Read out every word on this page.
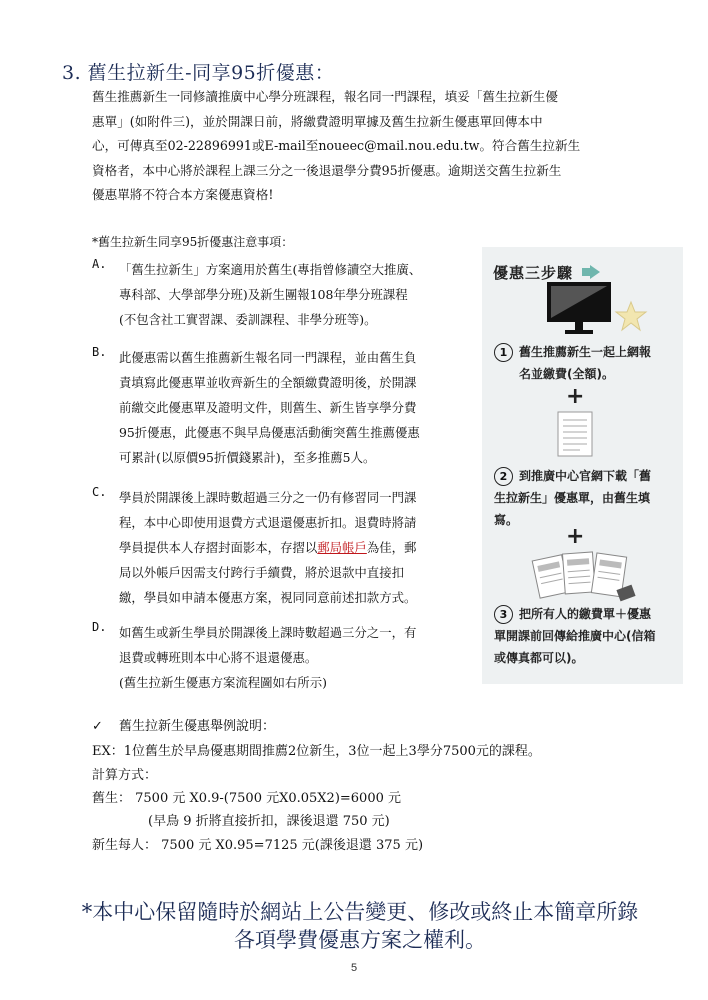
3. 舊生拉新生-同享95折優惠：
舊生推薦新生一同修讀推廣中心學分班課程，報名同一門課程，填妥「舊生拉新生優
惠單」(如附件三)，並於開課日前，將繳費證明單據及舊生拉新生優惠單回傳本中
心，可傳真至02-22896991或E-mail至noueec@mail.nou.edu.tw。符合舊生拉新生
資格者，本中心將於課程上課三分之一後退還學分費95折優惠。逾期送交舊生拉新生
優惠單將不符合本方案優惠資格!
*舊生拉新生同享95折優惠注意事項：
A. 「舊生拉新生」方案適用於舊生(專指曾修讀空大推廣、
專科部、大學部學分班)及新生團報108年學分班課程
(不包含社工實習課、委訓課程、非學分班等)。
B. 此優惠需以舊生推薦新生報名同一門課程，並由舊生負
責填寫此優惠單並收齊新生的全額繳費證明後，於開課
前繳交此優惠單及證明文件，則舊生、新生皆享學分費
95折優惠，此優惠不與早鳥優惠活動衝突舊生推薦優惠
可累計(以原價95折價錢累計)，至多推薦5人。
C. 學員於開課後上課時數超過三分之一仍有修習同一門課
程，本中心即使用退費方式退還優惠折扣。退費時將請
學員提供本人存摺封面影本，存摺以郵局帳戶為佳，郵
局以外帳戶因需支付跨行手續費，將於退款中直接扣
繳，學員如申請本優惠方案，視同同意前述扣款方式。
D. 如舊生或新生學員於開課後上課時數超過三分之一，有
退費或轉班則本中心將不退還優惠。
(舊生拉新生優惠方案流程圖如右所示)
優惠三步驟
1 舊生推薦新生一起上網報
名並繳費(全額)。
+
2 到推廣中心官網下載「舊
生拉新生」優惠單，由舊生填
寫。
+
3 把所有人的繳費單＋優惠
單開課前回傳給推廣中心(信箱
或傳真都可以)。
✓ 舊生拉新生優惠舉例說明：
EX：1位舊生於早鳥優惠期間推薦2位新生，3位一起上3學分7500元的課程。
計算方式：
舊生： 7500 元 X0.9-(7500 元X0.05X2)=6000 元
(早鳥 9 折將直接折扣，課後退還 750 元)
新生每人： 7500 元 X0.95=7125 元(課後退還 375 元)
*本中心保留隨時於網站上公告變更、修改或終止本簡章所錄
各項學費優惠方案之權利。
5
